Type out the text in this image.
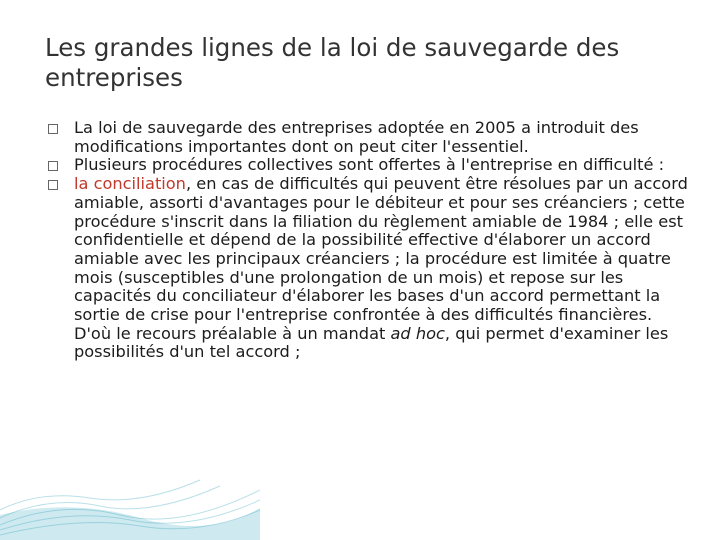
Les grandes lignes de la loi de sauvegarde des entreprises
La loi de sauvegarde des entreprises adoptée en 2005 a introduit des modifications importantes dont on peut citer l'essentiel.
Plusieurs procédures collectives sont offertes à l'entreprise en difficulté :
la conciliation, en cas de difficultés qui peuvent être résolues par un accord amiable, assorti d'avantages pour le débiteur et pour ses créanciers ; cette procédure s'inscrit dans la filiation du règlement amiable de 1984 ; elle est confidentielle et dépend de la possibilité effective d'élaborer un accord amiable avec les principaux créanciers ; la procédure est limitée à quatre mois (susceptibles d'une prolongation de un mois) et repose sur les capacités du conciliateur d'élaborer les bases d'un accord permettant la sortie de crise pour l'entreprise confrontée à des difficultés financières. D'où le recours préalable à un mandat ad hoc, qui permet d'examiner les possibilités d'un tel accord ;
